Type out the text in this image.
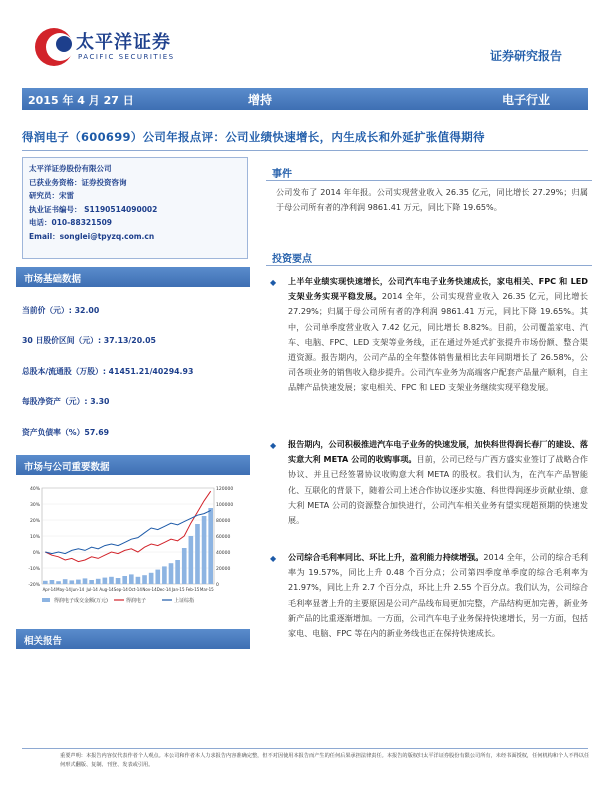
太平洋证券
PACIFIC SECURITIES	证券研究报告
2015 年 4 月 27 日	增持	电子行业
得润电子（600699）公司年报点评：公司业绩快速增长，内生成长和外延扩张值得期待
太平洋证券股份有限公司
已获业务资格：证券投资咨询
研究员：宋雷
执业证书编号： S1190514090002
电话：010-88321509
Email：songlei@tpyzq.com.cn
市场基础数据
当前价（元）: 32.00
30 日股价区间（元）: 37.13/20.05
总股本/流通股（万股）: 41451.21/40294.93
每股净资产（元）: 3.30
资产负债率（%）57.69
市场与公司重要数据
-20%
-10%
0%
10%
20%
30%
40%
0
20000
40000
60000
80000
100000
120000
Apr-14 May-14 Jun-14 Jul-14 Aug-14 Sep-14 Oct-14 Nov-14 Dec-14 Jan-15 Feb-15 Mar-15
得润电子成交金额(万元)	得润电子	上证综指
相关报告
事件
公司发布了 2014 年年报。公司实现营业收入 26.35 亿元，同比增长 27.29%；归属于母公司所有者的净利润 9861.41 万元，同比下降 19.65%。
投资要点
◆ 上半年业绩实现快速增长，公司汽车电子业务快速成长，家电相关、FPC 和 LED 支架业务实现平稳发展。2014 全年，公司实现营业收入 26.35 亿元，同比增长 27.29%；归属于母公司所有者的净利润 9861.41 万元，同比下降 19.65%。其中，公司单季度营业收入 7.42 亿元，同比增长 8.82%。目前，公司覆盖家电、汽车、电脑、FPC、LED 支架等业务线，正在通过外延式扩张提升市场份额、整合渠道资源。报告期内，公司产品的全年整体销售量相比去年同期增长了 26.58%，公司各项业务的销售收入稳步提升。公司汽车业务为高端客户配套产品量产顺利，自主品牌产品快速发展；家电相关、FPC 和 LED 支架业务继续实现平稳发展。
◆ 报告期内，公司积极推进汽车电子业务的快速发展，加快科世得润长春厂的建设、落实意大利 META 公司的收购事项。目前，公司已经与广西方盛实业签订了战略合作协议、并且已经签署协议收购意大利 META 的股权。我们认为，在汽车产品智能化、互联化的背景下，随着公司上述合作协议逐步实施、科世得润逐步贡献业绩、意大利 META 公司的资源整合加快进行，公司汽车相关业务有望实现超预期的快速发展。
◆ 公司综合毛利率同比、环比上升，盈利能力持续增强。2014 全年，公司的综合毛利率为 19.57%，同比上升 0.48 个百分点；公司第四季度单季度的综合毛利率为 21.97%，同比上升 2.7 个百分点，环比上升 2.55 个百分点。我们认为，公司综合毛利率显著上升的主要原因是公司产品线布局更加完整，产品结构更加完善，新业务新产品的比重逐渐增加。一方面，公司汽车电子业务保持快速增长，另一方面，包括家电、电脑、FPC 等在内的新业务线也正在保持快速成长。
重要声明：本报告内容仅代表作者个人观点。本公司和作者本人力求报告内容准确完整，但不对因使用本报告而产生的任何后果承担法律责任。本报告的版权归太平洋证券股份有限公司所有，未经书面授权，任何机构和个人不得以任何形式翻版、复制、刊登、发表或引用。
